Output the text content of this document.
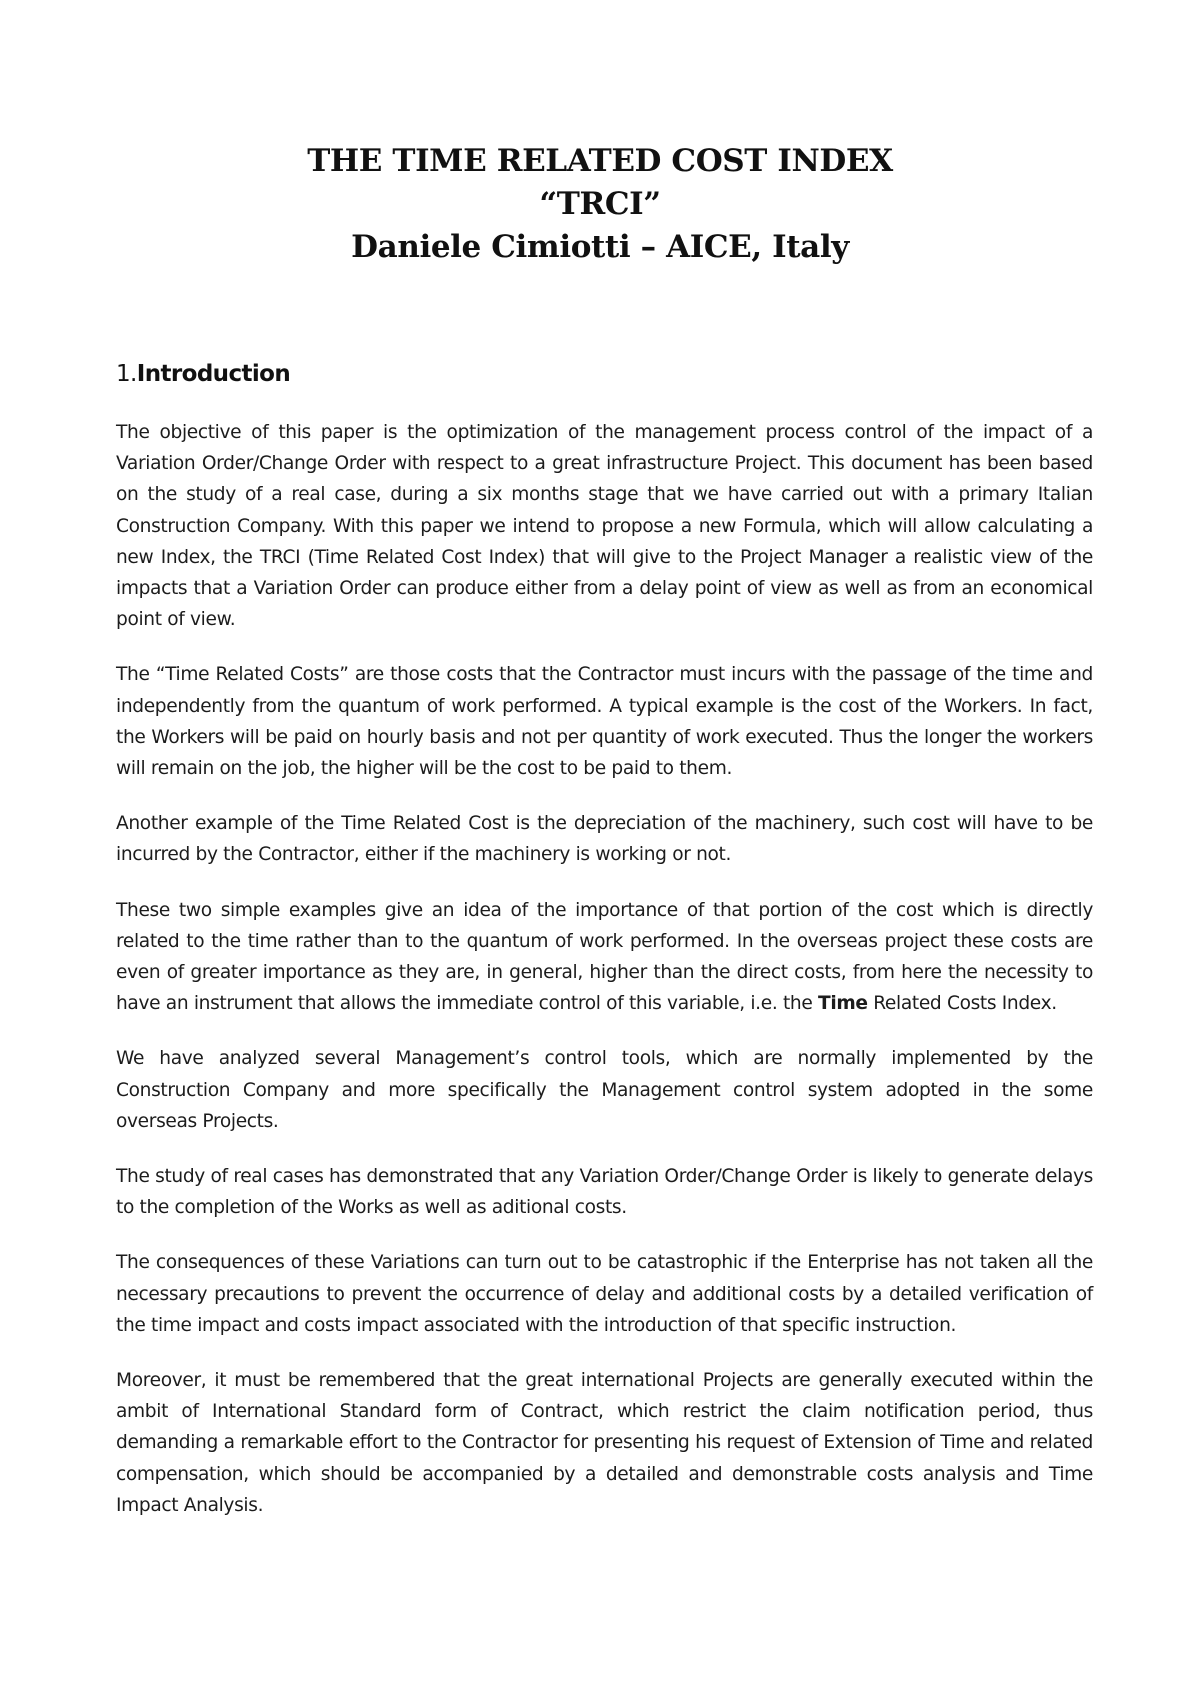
THE TIME RELATED COST INDEX
“TRCI”
Daniele Cimiotti – AICE, Italy
1.Introduction

The objective of this paper is the optimization of the management process control of the impact of a Variation Order/Change Order with respect to a great infrastructure Project. This document has been based on the study of a real case, during a six months stage that we have carried out with a primary Italian Construction Company. With this paper we intend to propose a new Formula, which will allow calculating a new Index, the TRCI (Time Related Cost Index) that will give to the Project Manager a realistic view of the impacts that a Variation Order can produce either from a delay point of view as well as from an economical point of view.

The “Time Related Costs” are those costs that the Contractor must incurs with the passage of the time and independently from the quantum of work performed. A typical example is the cost of the Workers. In fact, the Workers will be paid on hourly basis and not per quantity of work executed. Thus the longer the workers will remain on the job, the higher will be the cost to be paid to them.

Another example of the Time Related Cost is the depreciation of the machinery, such cost will have to be incurred by the Contractor, either if the machinery is working or not.

These two simple examples give an idea of the importance of that portion of the cost which is directly related to the time rather than to the quantum of work performed. In the overseas project these costs are even of greater importance as they are, in general, higher than the direct costs, from here the necessity to have an instrument that allows the immediate control of this variable, i.e. the Time Related Costs Index.

We have analyzed several Management’s control tools, which are normally implemented by the Construction Company and more specifically the Management control system adopted in the some overseas Projects.

The study of real cases has demonstrated that any Variation Order/Change Order is likely to generate delays to the completion of the Works as well as aditional costs.

The consequences of these Variations can turn out to be catastrophic if the Enterprise has not taken all the necessary precautions to prevent the occurrence of delay and additional costs by a detailed verification of the time impact and costs impact associated with the introduction of that specific instruction.

Moreover, it must be remembered that the great international Projects are generally executed within the ambit of International Standard form of Contract, which restrict the claim notification period, thus demanding a remarkable effort to the Contractor for presenting his request of Extension of Time and related compensation, which should be accompanied by a detailed and demonstrable costs analysis and Time Impact Analysis.
